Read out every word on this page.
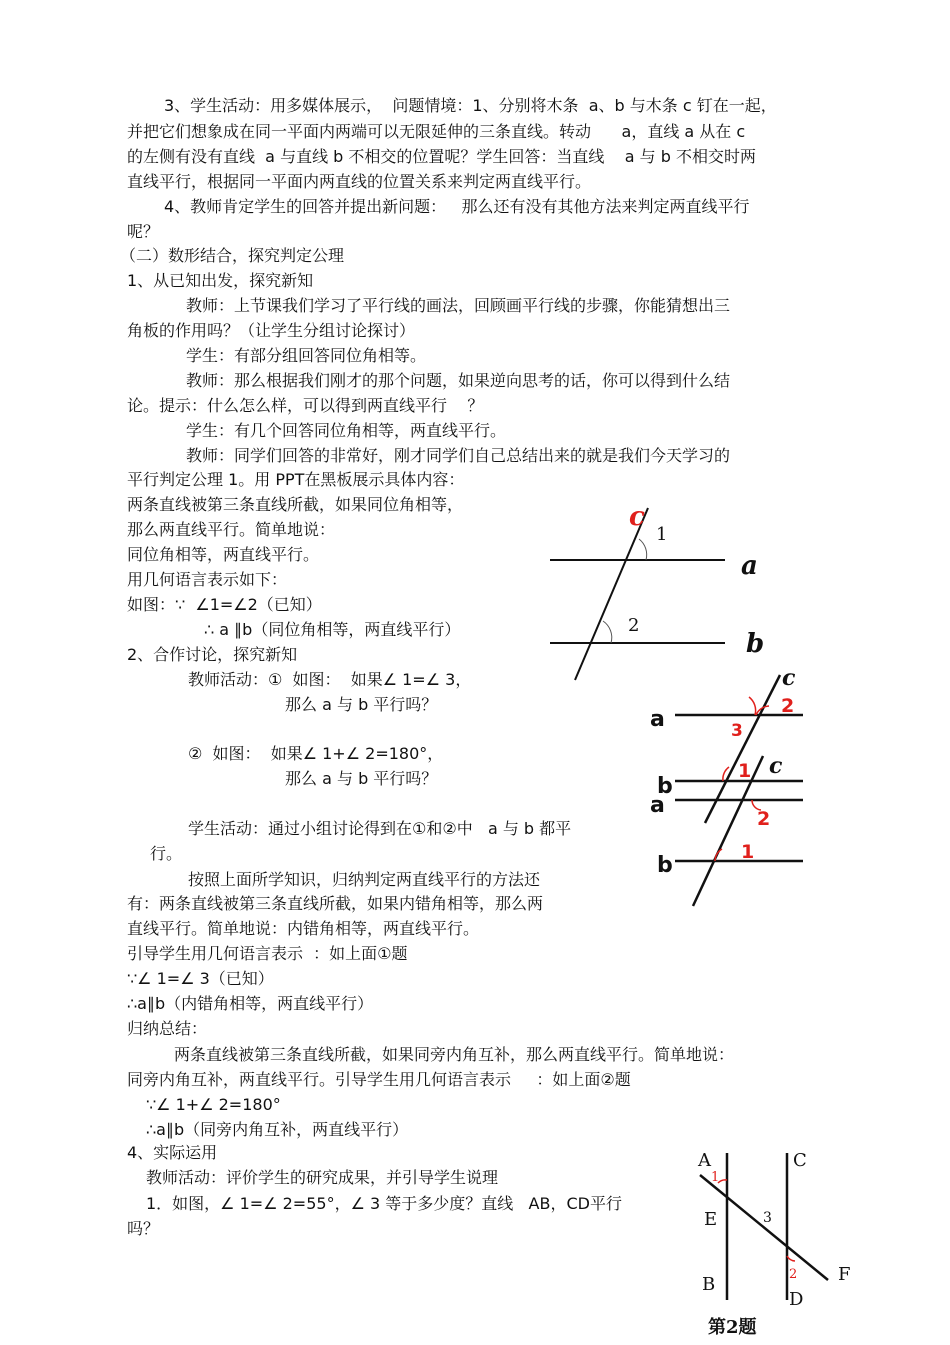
3、学生活动：用多媒体展示，  问题情境：1、分别将木条  a、b 与木条 c 钉在一起，
并把它们想象成在同一平面内两端可以无限延伸的三条直线。转动      a，直线 a 从在 c
的左侧有没有直线  a 与直线 b 不相交的位置呢？学生回答：当直线    a 与 b 不相交时两
直线平行，根据同一平面内两直线的位置关系来判定两直线平行。
4、教师肯定学生的回答并提出新问题：   那么还有没有其他方法来判定两直线平行
呢？
（二）数形结合，探究判定公理
1、从已知出发，探究新知
教师：上节课我们学习了平行线的画法，回顾画平行线的步骤，你能猜想出三
角板的作用吗？（让学生分组讨论探讨）
学生：有部分组回答同位角相等。
教师：那么根据我们刚才的那个问题，如果逆向思考的话，你可以得到什么结
论。提示：什么怎么样，可以得到两直线平行    ？
学生：有几个回答同位角相等，两直线平行。
教师：同学们回答的非常好，刚才同学们自己总结出来的就是我们今天学习的
平行判定公理 1。用 PPT在黑板展示具体内容：
两条直线被第三条直线所截，如果同位角相等，
那么两直线平行。简单地说：
同位角相等，两直线平行。
用几何语言表示如下：
如图：∵  ∠1=∠2（已知）
∴ a ∥b（同位角相等，两直线平行）
2、合作讨论，探究新知
教师活动：①  如图：  如果∠ 1=∠ 3，
那么 a 与 b 平行吗？
②  如图：  如果∠ 1+∠ 2=180°，
那么 a 与 b 平行吗？
学生活动：通过小组讨论得到在①和②中   a 与 b 都平
行。
按照上面所学知识，归纳判定两直线平行的方法还
有：两条直线被第三条直线所截，如果内错角相等，那么两
直线平行。简单地说：内错角相等，两直线平行。
引导学生用几何语言表示  ：如上面①题
∵∠ 1=∠ 3（已知）
∴a∥b（内错角相等，两直线平行）
归纳总结：
两条直线被第三条直线所截，如果同旁内角互补，那么两直线平行。简单地说：
同旁内角互补，两直线平行。引导学生用几何语言表示     ：如上面②题
∵∠ 1+∠ 2=180°
∴a∥b（同旁内角互补，两直线平行）
4、实际运用
教师活动：评价学生的研究成果，并引导学生说理
1．如图，∠ 1=∠ 2=55°，∠ 3 等于多少度？直线   AB，CD平行
吗？
c
1
2
a
b
c
a
b
2
3
1 c
a
b
2
1
A	C
E
B	F
D
1
3
2
第2题
